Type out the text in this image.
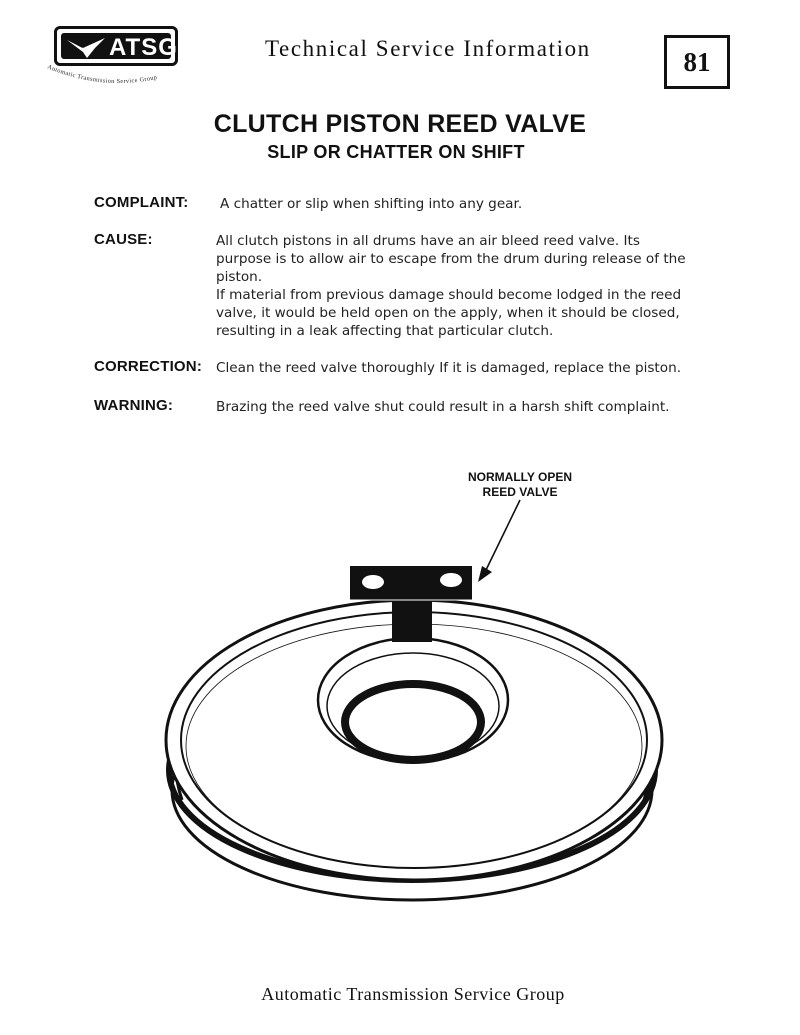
ATSG
Automatic Transmission Service Group
Technical Service Information	81
CLUTCH PISTON REED VALVE
SLIP OR CHATTER ON SHIFT
COMPLAINT: A chatter or slip when shifting into any gear.
CAUSE:	All clutch pistons in all drums have an air bleed reed valve. Its
purpose is to allow air to escape from the drum during release of the
piston.
If material from previous damage should become lodged in the reed
valve, it would be held open on the apply, when it should be closed,
resulting in a leak affecting that particular clutch.
CORRECTION: Clean the reed valve thoroughly If it is damaged, replace the piston.
WARNING:	Brazing the reed valve shut could result in a harsh shift complaint.
NORMALLY OPEN
REED VALVE
Automatic Transmission Service Group
